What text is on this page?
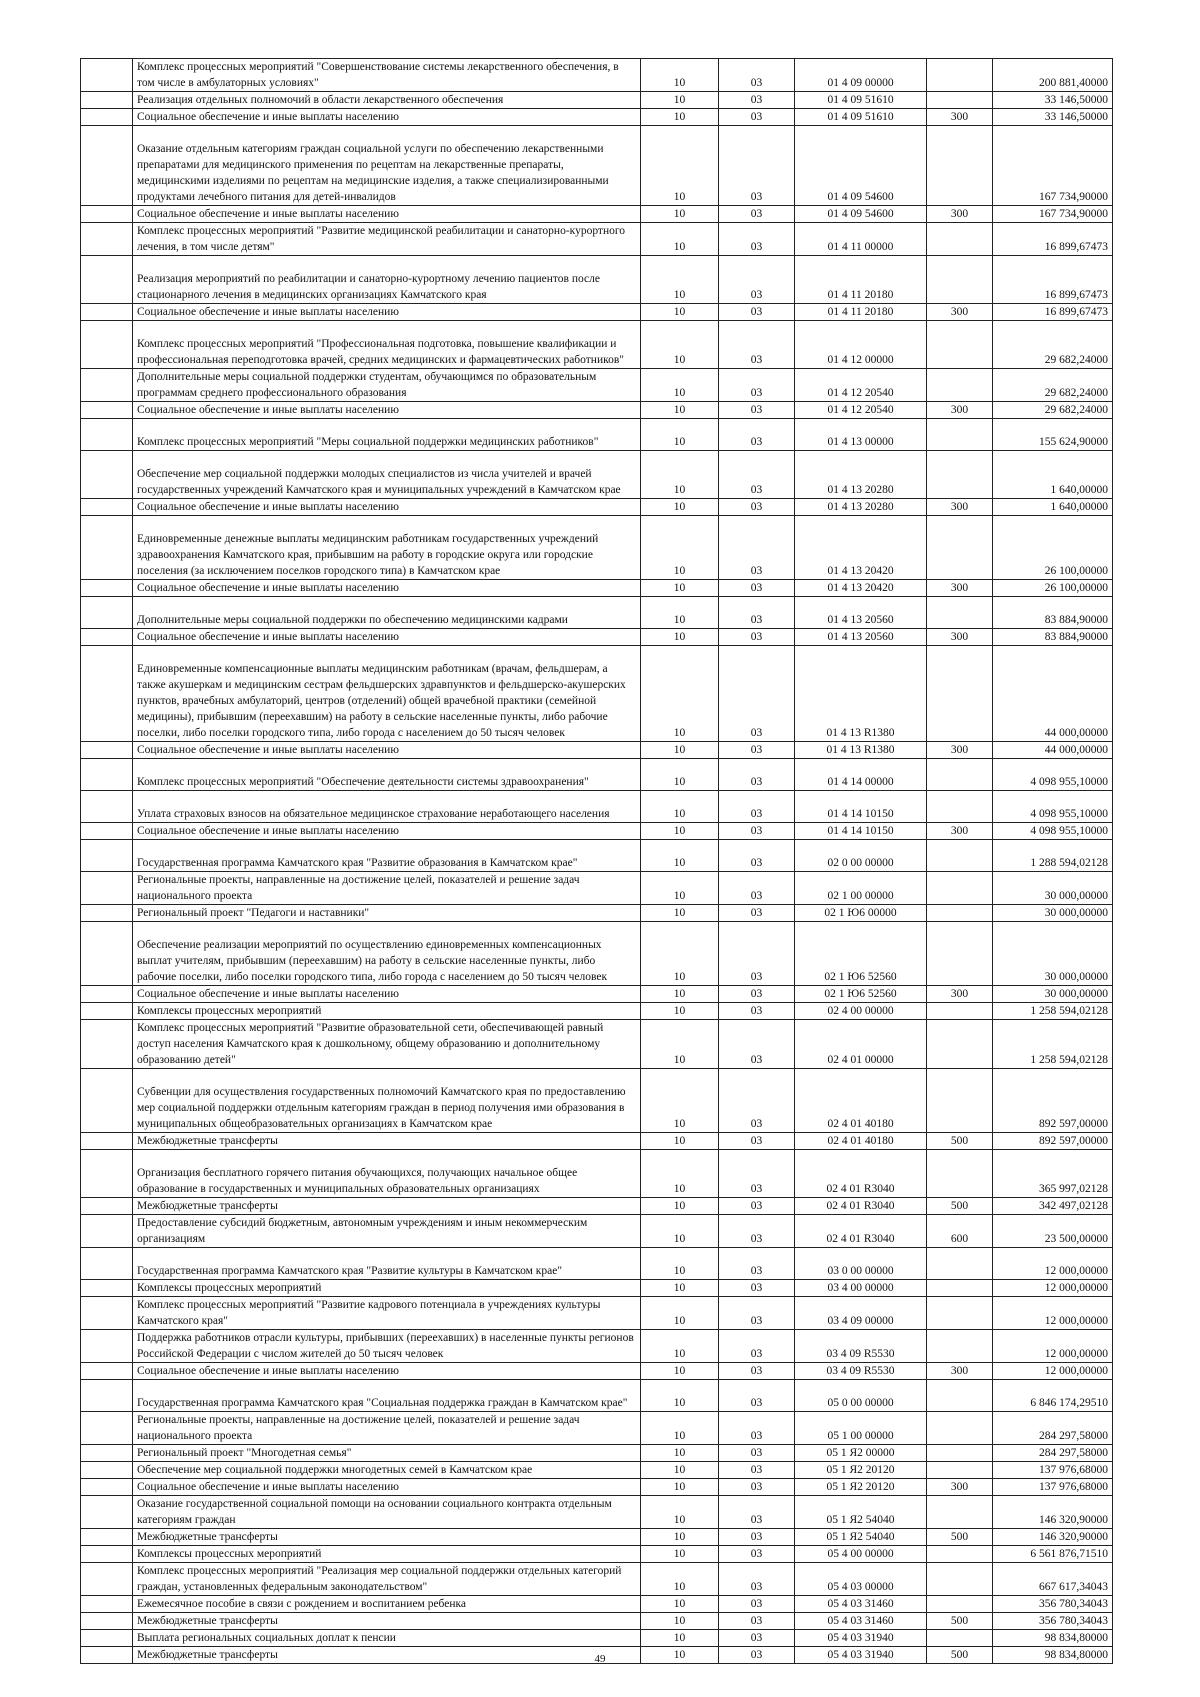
	Комплекс процессных мероприятий "Совершенствование системы лекарственного обеспечения, в том числе в амбулаторных условиях"	10	03	01 4 09 00000		200 881,40000
	Реализация отдельных полномочий в области лекарственного обеспечения	10	03	01 4 09 51610		33 146,50000
	Социальное обеспечение и иные выплаты населению	10	03	01 4 09 51610	300	33 146,50000
	Оказание отдельным категориям граждан социальной услуги по обеспечению лекарственными препаратами для медицинского применения по рецептам на лекарственные препараты, медицинскими изделиями по рецептам на медицинские изделия, а также специализированными продуктами лечебного питания для детей-инвалидов	10	03	01 4 09 54600		167 734,90000
	Социальное обеспечение и иные выплаты населению	10	03	01 4 09 54600	300	167 734,90000
	Комплекс процессных мероприятий "Развитие медицинской реабилитации и санаторно-курортного лечения, в том числе детям"	10	03	01 4 11 00000		16 899,67473
	Реализация мероприятий по реабилитации и санаторно-курортному лечению пациентов после стационарного лечения в медицинских организациях Камчатского края	10	03	01 4 11 20180		16 899,67473
	Социальное обеспечение и иные выплаты населению	10	03	01 4 11 20180	300	16 899,67473
	Комплекс процессных мероприятий "Профессиональная подготовка, повышение квалификации и профессиональная переподготовка врачей, средних медицинских и фармацевтических работников"	10	03	01 4 12 00000		29 682,24000
	Дополнительные меры социальной поддержки студентам, обучающимся по образовательным программам среднего профессионального образования	10	03	01 4 12 20540		29 682,24000
	Социальное обеспечение и иные выплаты населению	10	03	01 4 12 20540	300	29 682,24000
	Комплекс процессных мероприятий "Меры социальной поддержки медицинских работников"	10	03	01 4 13 00000		155 624,90000
	Обеспечение мер социальной поддержки молодых специалистов из числа учителей и врачей государственных учреждений Камчатского края и муниципальных учреждений в Камчатском крае	10	03	01 4 13 20280		1 640,00000
	Социальное обеспечение и иные выплаты населению	10	03	01 4 13 20280	300	1 640,00000
	Единовременные денежные выплаты медицинским работникам государственных учреждений здравоохранения Камчатского края, прибывшим на работу в городские округа или городские поселения (за исключением поселков городского типа) в Камчатском крае	10	03	01 4 13 20420		26 100,00000
	Социальное обеспечение и иные выплаты населению	10	03	01 4 13 20420	300	26 100,00000
	Дополнительные меры социальной поддержки по обеспечению медицинскими кадрами	10	03	01 4 13 20560		83 884,90000
	Социальное обеспечение и иные выплаты населению	10	03	01 4 13 20560	300	83 884,90000
	Единовременные компенсационные выплаты медицинским работникам (врачам, фельдшерам, а также акушеркам и медицинским сестрам фельдшерских здравпунктов и фельдшерско-акушерских пунктов, врачебных амбулаторий, центров (отделений) общей врачебной практики (семейной медицины), прибывшим (переехавшим) на работу в сельские населенные пункты, либо рабочие поселки, либо поселки городского типа, либо города с населением до 50 тысяч человек	10	03	01 4 13 R1380		44 000,00000
	Социальное обеспечение и иные выплаты населению	10	03	01 4 13 R1380	300	44 000,00000
	Комплекс процессных мероприятий "Обеспечение деятельности системы здравоохранения"	10	03	01 4 14 00000		4 098 955,10000
	Уплата страховых взносов на обязательное медицинское страхование неработающего населения	10	03	01 4 14 10150		4 098 955,10000
	Социальное обеспечение и иные выплаты населению	10	03	01 4 14 10150	300	4 098 955,10000
	Государственная программа Камчатского края "Развитие образования в Камчатском крае"	10	03	02 0 00 00000		1 288 594,02128
	Региональные проекты, направленные на достижение целей, показателей и решение задач национального проекта	10	03	02 1 00 00000		30 000,00000
	Региональный проект "Педагоги и наставники"	10	03	02 1 Ю6 00000		30 000,00000
	Обеспечение реализации мероприятий по осуществлению единовременных компенсационных выплат учителям, прибывшим (переехавшим) на работу в сельские населенные пункты, либо рабочие поселки, либо поселки городского типа, либо города с населением до 50 тысяч человек	10	03	02 1 Ю6 52560		30 000,00000
	Социальное обеспечение и иные выплаты населению	10	03	02 1 Ю6 52560	300	30 000,00000
	Комплексы процессных мероприятий	10	03	02 4 00 00000		1 258 594,02128
	Комплекс процессных мероприятий "Развитие образовательной сети, обеспечивающей равный доступ населения Камчатского края к дошкольному, общему образованию и дополнительному образованию детей"	10	03	02 4 01 00000		1 258 594,02128
	Субвенции для осуществления государственных полномочий Камчатского края по предоставлению мер социальной поддержки отдельным категориям граждан в период получения ими образования в муниципальных общеобразовательных организациях в Камчатском крае	10	03	02 4 01 40180		892 597,00000
	Межбюджетные трансферты	10	03	02 4 01 40180	500	892 597,00000
	Организация бесплатного горячего питания обучающихся, получающих начальное общее образование в государственных и муниципальных образовательных организациях	10	03	02 4 01 R3040		365 997,02128
	Межбюджетные трансферты	10	03	02 4 01 R3040	500	342 497,02128
	Предоставление субсидий бюджетным, автономным учреждениям и иным некоммерческим организациям	10	03	02 4 01 R3040	600	23 500,00000
	Государственная программа Камчатского края "Развитие культуры в Камчатском крае"	10	03	03 0 00 00000		12 000,00000
	Комплексы процессных мероприятий	10	03	03 4 00 00000		12 000,00000
	Комплекс процессных мероприятий "Развитие кадрового потенциала в учреждениях культуры Камчатского края"	10	03	03 4 09 00000		12 000,00000
	Поддержка работников отрасли культуры, прибывших (переехавших) в населенные пункты регионов Российской Федерации с числом жителей до 50 тысяч человек	10	03	03 4 09 R5530		12 000,00000
	Социальное обеспечение и иные выплаты населению	10	03	03 4 09 R5530	300	12 000,00000
	Государственная программа Камчатского края "Социальная поддержка граждан в Камчатском крае"	10	03	05 0 00 00000		6 846 174,29510
	Региональные проекты, направленные на достижение целей, показателей и решение задач национального проекта	10	03	05 1 00 00000		284 297,58000
	Региональный проект "Многодетная семья"	10	03	05 1 Я2 00000		284 297,58000
	Обеспечение мер социальной поддержки многодетных семей в Камчатском крае	10	03	05 1 Я2 20120		137 976,68000
	Социальное обеспечение и иные выплаты населению	10	03	05 1 Я2 20120	300	137 976,68000
	Оказание государственной социальной помощи на основании социального контракта отдельным категориям граждан	10	03	05 1 Я2 54040		146 320,90000
	Межбюджетные трансферты	10	03	05 1 Я2 54040	500	146 320,90000
	Комплексы процессных мероприятий	10	03	05 4 00 00000		6 561 876,71510
	Комплекс процессных мероприятий "Реализация мер социальной поддержки отдельных категорий граждан, установленных федеральным законодательством"	10	03	05 4 03 00000		667 617,34043
	Ежемесячное пособие в связи с рождением и воспитанием ребенка	10	03	05 4 03 31460		356 780,34043
	Межбюджетные трансферты	10	03	05 4 03 31460	500	356 780,34043
	Выплата региональных социальных доплат к пенсии	10	03	05 4 03 31940		98 834,80000
	Межбюджетные трансферты	10	03	05 4 03 31940	500	98 834,80000
49
